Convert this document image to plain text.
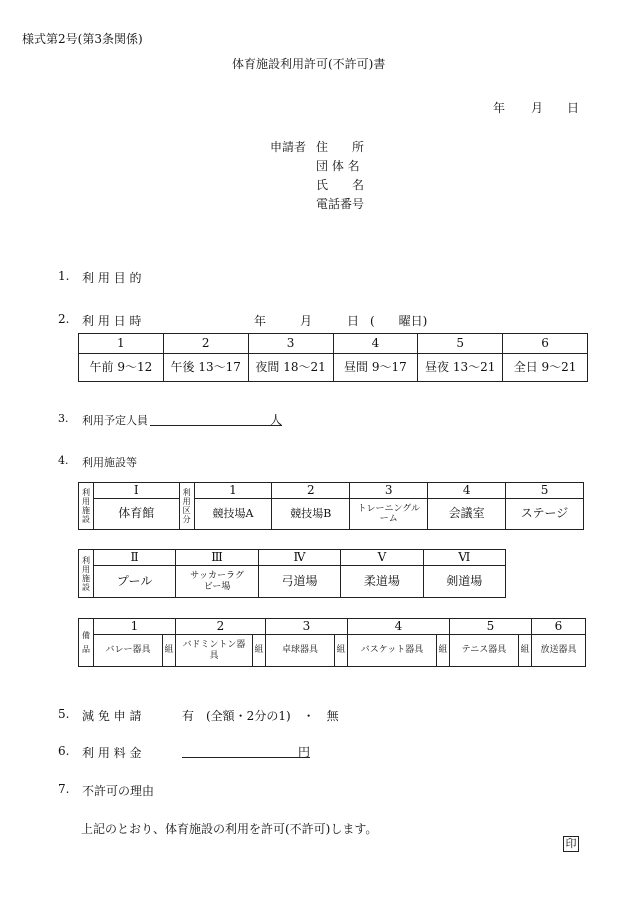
様式第2号(第3条関係)
体育施設利用許可(不許可)書
年 月 日
申請者 住　　所
団 体 名
氏　　名
電話番号
1. 利 用 目 的
2. 利 用 日 時	年	月	日 (　　曜日)
1	2	3	4	5	6
午前 9〜12	午後 13〜17	夜間 18〜21	昼間 9〜17	昼夜 13〜21	全日 9〜21
3. 利用予定人員	人
4. 利用施設等
利用施設	Ⅰ	利用区分	1	2	3	4	5
	体育館		競技場A	競技場B	トレーニングルーム	会議室	ステージ
利用施設	Ⅱ	Ⅲ	Ⅳ	Ⅴ	Ⅵ
	プール	サッカーラグビー場	弓道場	柔道場	剣道場
備品	1		2		3		4		5		6
	バレー器具	組	バドミントン器具	組	卓球器具	組	バスケット器具	組	テニス器具	組	放送器具
5. 減 免 申 請	有　(全額・2分の1)　・　無
6. 利 用 料 金	円
7. 不許可の理由
上記のとおり、体育施設の利用を許可(不許可)します。
印
